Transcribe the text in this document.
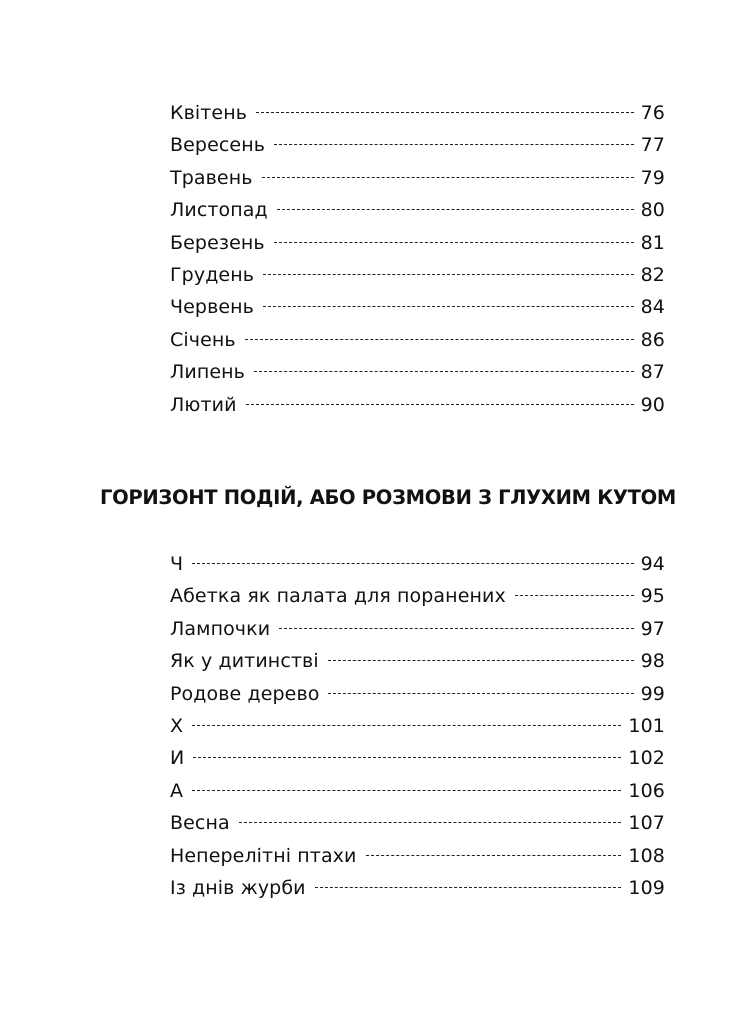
Квітень	76
Вересень	77
Травень	79
Листопад	80
Березень	81
Грудень	82
Червень	84
Січень	86
Липень	87
Лютий	90
ГОРИЗОНТ ПОДІЙ, АБО РОЗМОВИ З ГЛУХИМ КУТОМ
Ч	94
Абетка як палата для поранених	95
Лампочки	97
Як у дитинстві	98
Родове дерево	99
Х	101
И	102
А	106
Весна	107
Неперелітні птахи	108
Із днів журби	109
